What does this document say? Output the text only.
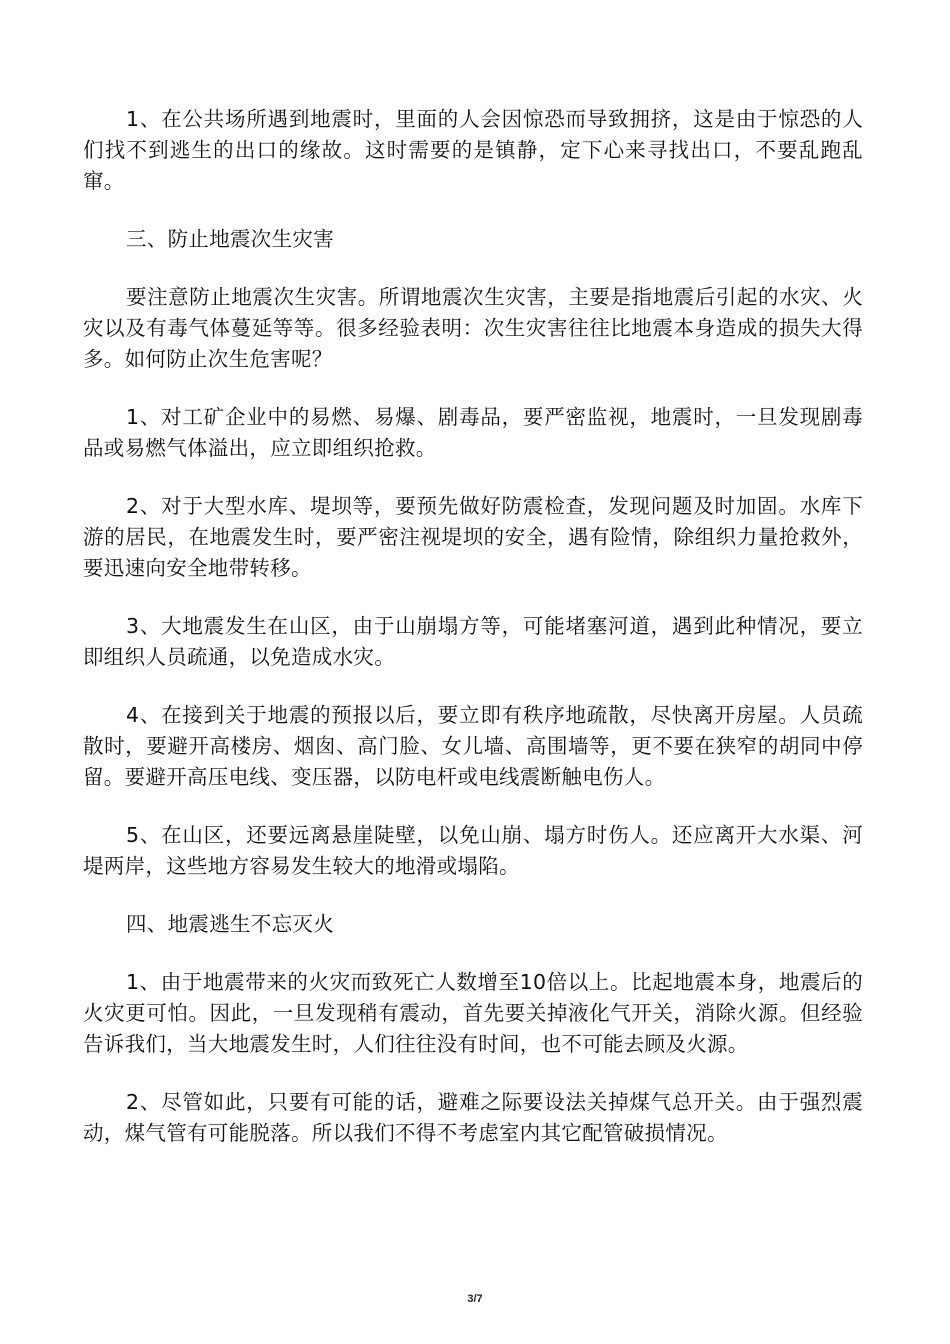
1、在公共场所遇到地震时，里面的人会因惊恐而导致拥挤，这是由于惊恐的人们找不到逃生的出口的缘故。这时需要的是镇静，定下心来寻找出口，不要乱跑乱窜。

三、防止地震次生灾害

要注意防止地震次生灾害。所谓地震次生灾害，主要是指地震后引起的水灾、火灾以及有毒气体蔓延等等。很多经验表明：次生灾害往往比地震本身造成的损失大得多。如何防止次生危害呢？

1、对工矿企业中的易燃、易爆、剧毒品，要严密监视，地震时，一旦发现剧毒品或易燃气体溢出，应立即组织抢救。

2、对于大型水库、堤坝等，要预先做好防震检查，发现问题及时加固。水库下游的居民，在地震发生时，要严密注视堤坝的安全，遇有险情，除组织力量抢救外，要迅速向安全地带转移。

3、大地震发生在山区，由于山崩塌方等，可能堵塞河道，遇到此种情况，要立即组织人员疏通，以免造成水灾。

4、在接到关于地震的预报以后，要立即有秩序地疏散，尽快离开房屋。人员疏散时，要避开高楼房、烟囱、高门脸、女儿墙、高围墙等，更不要在狭窄的胡同中停留。要避开高压电线、变压器，以防电杆或电线震断触电伤人。

5、在山区，还要远离悬崖陡壁，以免山崩、塌方时伤人。还应离开大水渠、河堤两岸，这些地方容易发生较大的地滑或塌陷。

四、地震逃生不忘灭火

1、由于地震带来的火灾而致死亡人数增至10倍以上。比起地震本身，地震后的火灾更可怕。因此，一旦发现稍有震动，首先要关掉液化气开关，消除火源。但经验告诉我们，当大地震发生时，人们往往没有时间，也不可能去顾及火源。

2、尽管如此，只要有可能的话，避难之际要设法关掉煤气总开关。由于强烈震动，煤气管有可能脱落。所以我们不得不考虑室内其它配管破损情况。

3/7
